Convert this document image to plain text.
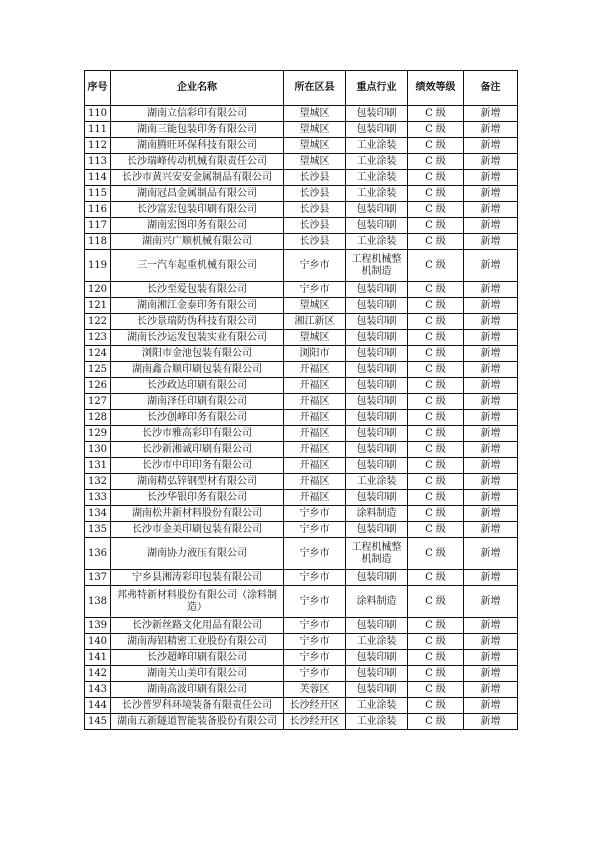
序号	企业名称	所在区县	重点行业	绩效等级	备注
110	湖南立信彩印有限公司	望城区	包装印刷	C 级	新增
111	湖南三能包装印务有限公司	望城区	包装印刷	C 级	新增
112	湖南腾旺环保科技有限公司	望城区	工业涂装	C 级	新增
113	长沙瑞峰传动机械有限责任公司	望城区	工业涂装	C 级	新增
114	长沙市黄兴安安金属制品有限公司	长沙县	工业涂装	C 级	新增
115	湖南冠昌金属制品有限公司	长沙县	工业涂装	C 级	新增
116	长沙富宏包装印刷有限公司	长沙县	包装印刷	C 级	新增
117	湖南宏图印务有限公司	长沙县	包装印刷	C 级	新增
118	湖南兴广顺机械有限公司	长沙县	工业涂装	C 级	新增
119	三一汽车起重机械有限公司	宁乡市	工程机械整机制造	C 级	新增
120	长沙至爱包装有限公司	宁乡市	包装印刷	C 级	新增
121	湖南湘江金泰印务有限公司	望城区	包装印刷	C 级	新增
122	长沙景瑞防伪科技有限公司	湘江新区	包装印刷	C 级	新增
123	湖南长沙运发包装实业有限公司	望城区	包装印刷	C 级	新增
124	浏阳市金池包装有限公司	浏阳市	包装印刷	C 级	新增
125	湖南鑫合顺印刷包装有限公司	开福区	包装印刷	C 级	新增
126	长沙政达印刷有限公司	开福区	包装印刷	C 级	新增
127	湖南泽任印刷有限公司	开福区	包装印刷	C 级	新增
128	长沙创峰印务有限公司	开福区	包装印刷	C 级	新增
129	长沙市雅高彩印有限公司	开福区	包装印刷	C 级	新增
130	长沙新湘诚印刷有限公司	开福区	包装印刷	C 级	新增
131	长沙市中印印务有限公司	开福区	包装印刷	C 级	新增
132	湖南精弘锌钢型材有限公司	开福区	工业涂装	C 级	新增
133	长沙华银印务有限公司	开福区	包装印刷	C 级	新增
134	湖南松井新材料股份有限公司	宁乡市	涂料制造	C 级	新增
135	长沙市金美印刷包装有限公司	宁乡市	包装印刷	C 级	新增
136	湖南协力液压有限公司	宁乡市	工程机械整机制造	C 级	新增
137	宁乡县湘涛彩印包装有限公司	宁乡市	包装印刷	C 级	新增
138	邦弗特新材料股份有限公司（涂料制造）	宁乡市	涂料制造	C 级	新增
139	长沙新丝路文化用品有限公司	宁乡市	包装印刷	C 级	新增
140	湖南海铝精密工业股份有限公司	宁乡市	工业涂装	C 级	新增
141	长沙超峰印刷有限公司	宁乡市	包装印刷	C 级	新增
142	湖南关山美印有限公司	宁乡市	包装印刷	C 级	新增
143	湖南高波印刷有限公司	芙蓉区	包装印刷	C 级	新增
144	长沙普罗科环境装备有限责任公司	长沙经开区	工业涂装	C 级	新增
145	湖南五新隧道智能装备股份有限公司	长沙经开区	工业涂装	C 级	新增
